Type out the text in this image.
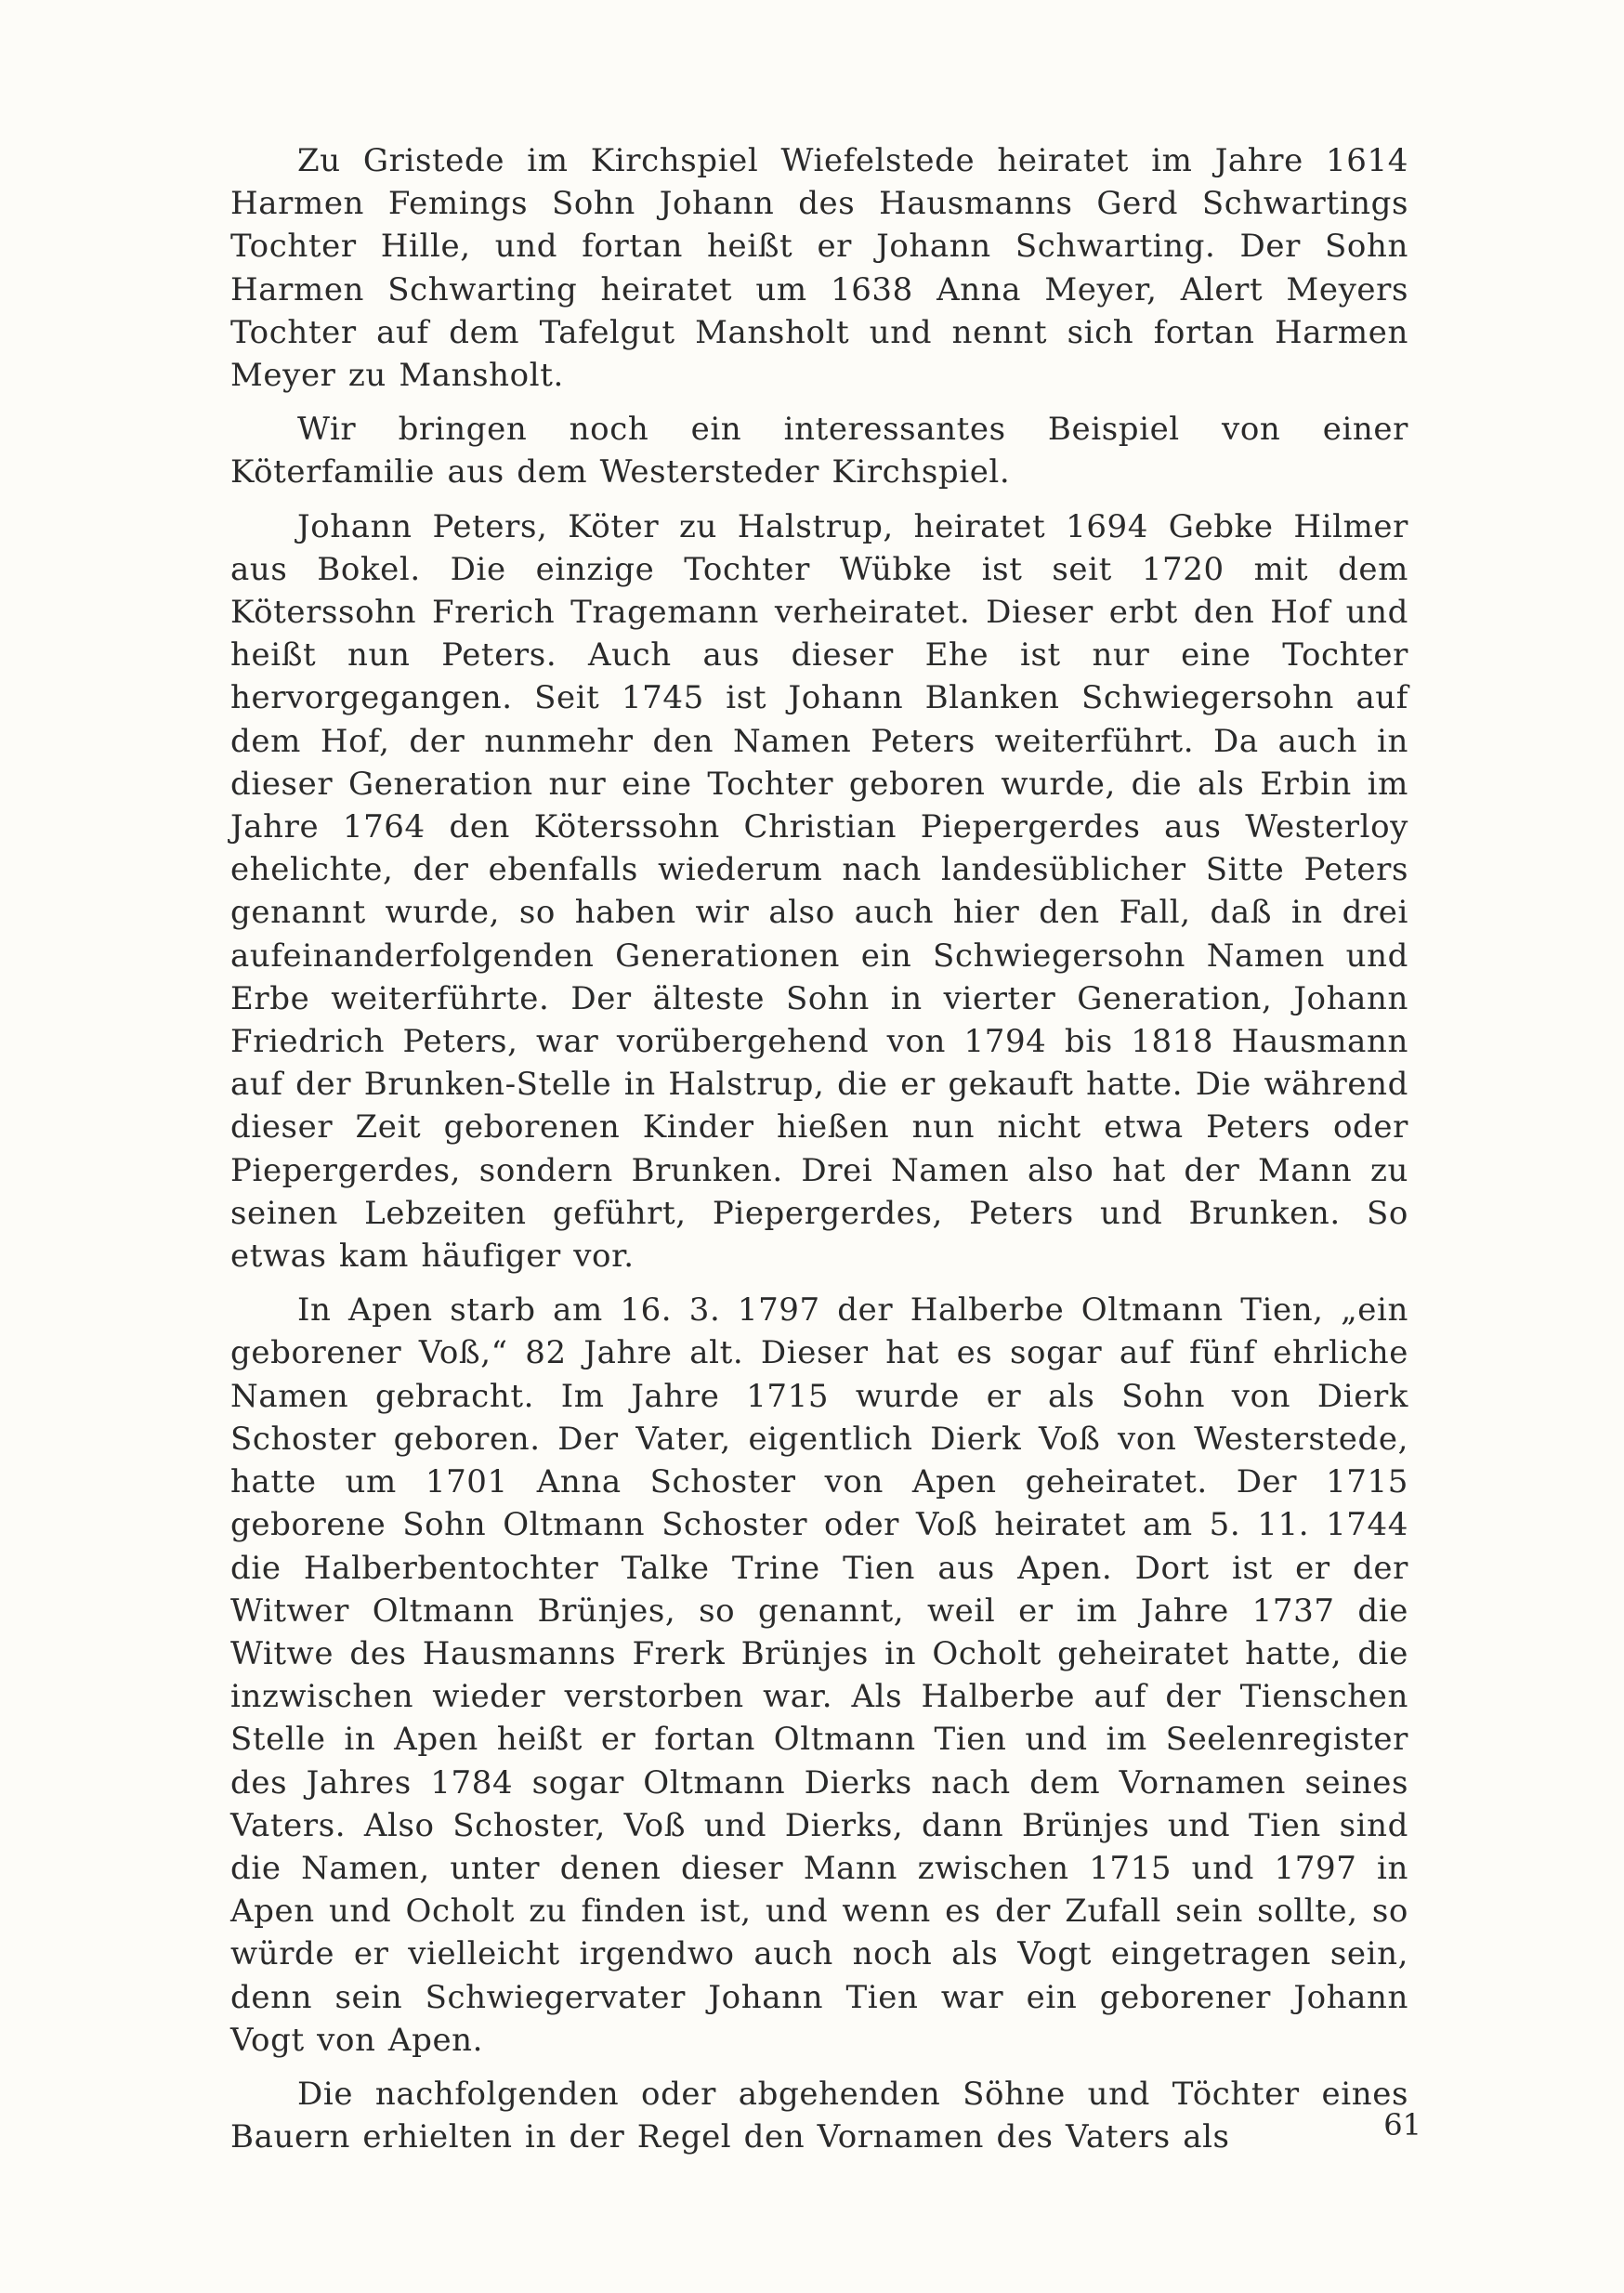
Zu Gristede im Kirchspiel Wiefelstede heiratet im Jahre 1614 Harmen Femings Sohn Johann des Hausmanns Gerd Schwartings Tochter Hille, und fortan heißt er Johann Schwarting. Der Sohn Harmen Schwarting heiratet um 1638 Anna Meyer, Alert Meyers Tochter auf dem Tafelgut Mansholt und nennt sich fortan Harmen Meyer zu Mansholt.

Wir bringen noch ein interessantes Beispiel von einer Köterfamilie aus dem Westersteder Kirchspiel.

Johann Peters, Köter zu Halstrup, heiratet 1694 Gebke Hilmer aus Bokel. Die einzige Tochter Wübke ist seit 1720 mit dem Köterssohn Frerich Tragemann verheiratet. Dieser erbt den Hof und heißt nun Peters. Auch aus dieser Ehe ist nur eine Tochter hervorgegangen. Seit 1745 ist Johann Blanken Schwiegersohn auf dem Hof, der nunmehr den Namen Peters weiterführt. Da auch in dieser Generation nur eine Tochter geboren wurde, die als Erbin im Jahre 1764 den Köterssohn Christian Piepergerdes aus Westerloy ehelichte, der ebenfalls wiederum nach landesüblicher Sitte Peters genannt wurde, so haben wir also auch hier den Fall, daß in drei aufeinanderfolgenden Generationen ein Schwiegersohn Namen und Erbe weiterführte. Der älteste Sohn in vierter Generation, Johann Friedrich Peters, war vorübergehend von 1794 bis 1818 Hausmann auf der Brunken-Stelle in Halstrup, die er gekauft hatte. Die während dieser Zeit geborenen Kinder hießen nun nicht etwa Peters oder Piepergerdes, sondern Brunken. Drei Namen also hat der Mann zu seinen Lebzeiten geführt, Piepergerdes, Peters und Brunken. So etwas kam häufiger vor.

In Apen starb am 16. 3. 1797 der Halberbe Oltmann Tien, „ein geborener Voß,“ 82 Jahre alt. Dieser hat es sogar auf fünf ehrliche Namen gebracht. Im Jahre 1715 wurde er als Sohn von Dierk Schoster geboren. Der Vater, eigentlich Dierk Voß von Westerstede, hatte um 1701 Anna Schoster von Apen geheiratet. Der 1715 geborene Sohn Oltmann Schoster oder Voß heiratet am 5. 11. 1744 die Halberbentochter Talke Trine Tien aus Apen. Dort ist er der Witwer Oltmann Brünjes, so genannt, weil er im Jahre 1737 die Witwe des Hausmanns Frerk Brünjes in Ocholt geheiratet hatte, die inzwischen wieder verstorben war. Als Halberbe auf der Tienschen Stelle in Apen heißt er fortan Oltmann Tien und im Seelenregister des Jahres 1784 sogar Oltmann Dierks nach dem Vornamen seines Vaters. Also Schoster, Voß und Dierks, dann Brünjes und Tien sind die Namen, unter denen dieser Mann zwischen 1715 und 1797 in Apen und Ocholt zu finden ist, und wenn es der Zufall sein sollte, so würde er vielleicht irgendwo auch noch als Vogt eingetragen sein, denn sein Schwiegervater Johann Tien war ein geborener Johann Vogt von Apen.

Die nachfolgenden oder abgehenden Söhne und Töchter eines Bauern erhielten in der Regel den Vornamen des Vaters als	61
